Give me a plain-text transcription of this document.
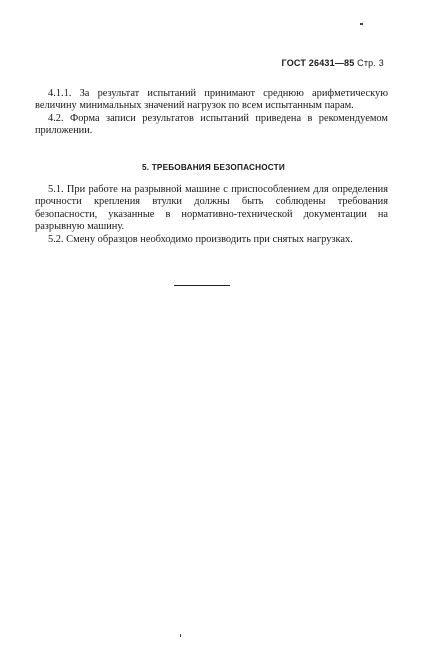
ГОСТ 26431—85 Стр. 3

4.1.1. За результат испытаний принимают среднюю арифметическую величину минимальных значений нагрузок по всем испытанным парам.

4.2. Форма записи результатов испытаний приведена в рекомендуемом приложении.

5. ТРЕБОВАНИЯ БЕЗОПАСНОСТИ

5.1. При работе на разрывной машине с приспособлением для определения прочности крепления втулки должны быть соблюдены требования безопасности, указанные в нормативно-технической документации на разрывную машину.

5.2. Смену образцов необходимо производить при снятых нагрузках.
